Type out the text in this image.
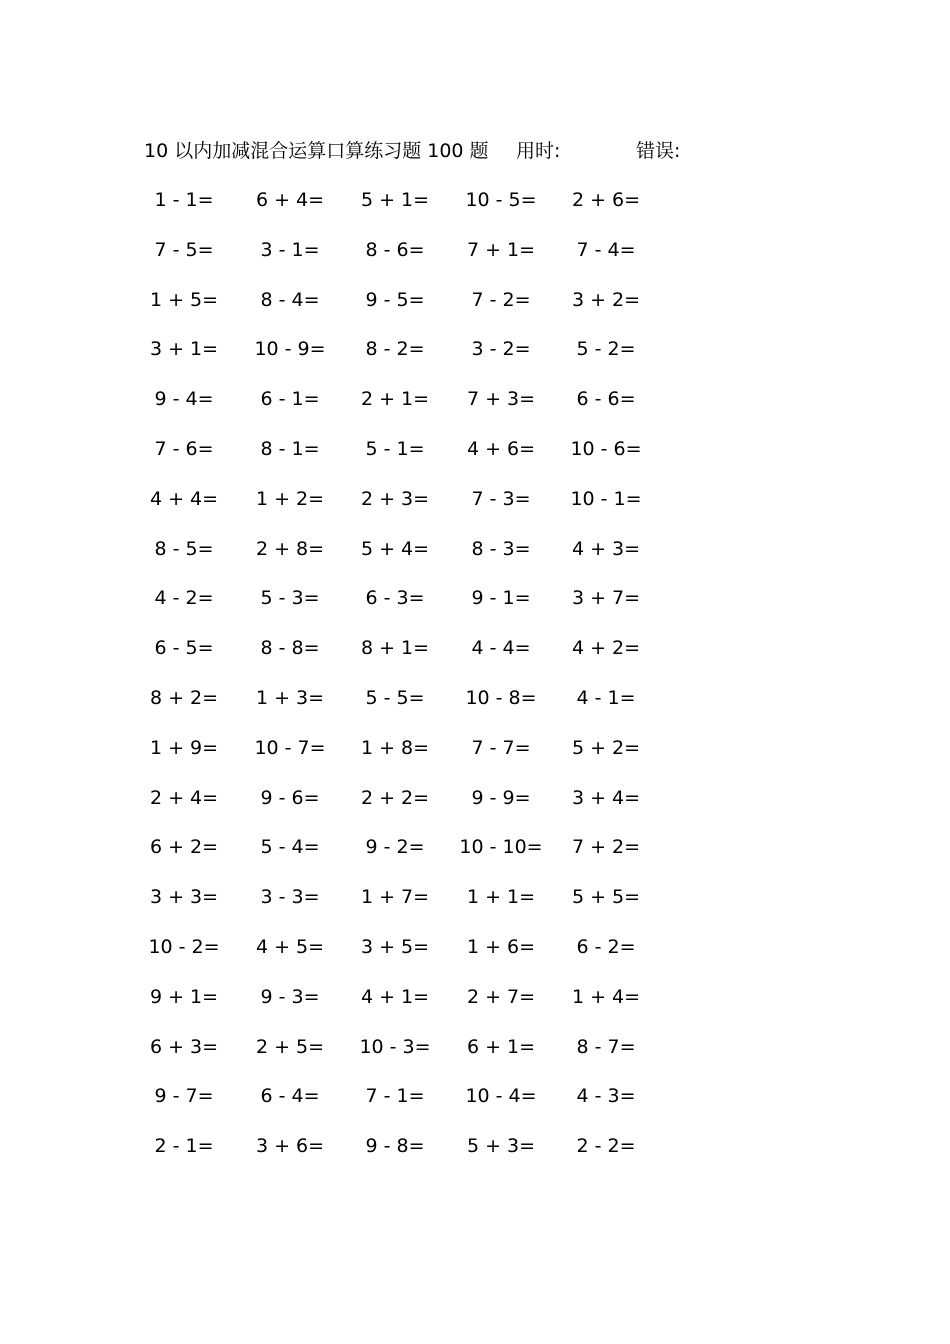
10 以内加减混合运算口算练习题 100 题 用时:	错误:
1 - 1=	6 + 4=	5 + 1=	10 - 5=	2 + 6=
7 - 5=	3 - 1=	8 - 6=	7 + 1=	7 - 4=
1 + 5=	8 - 4=	9 - 5=	7 - 2=	3 + 2=
3 + 1=	10 - 9=	8 - 2=	3 - 2=	5 - 2=
9 - 4=	6 - 1=	2 + 1=	7 + 3=	6 - 6=
7 - 6=	8 - 1=	5 - 1=	4 + 6=	10 - 6=
4 + 4=	1 + 2=	2 + 3=	7 - 3=	10 - 1=
8 - 5=	2 + 8=	5 + 4=	8 - 3=	4 + 3=
4 - 2=	5 - 3=	6 - 3=	9 - 1=	3 + 7=
6 - 5=	8 - 8=	8 + 1=	4 - 4=	4 + 2=
8 + 2=	1 + 3=	5 - 5=	10 - 8=	4 - 1=
1 + 9=	10 - 7=	1 + 8=	7 - 7=	5 + 2=
2 + 4=	9 - 6=	2 + 2=	9 - 9=	3 + 4=
6 + 2=	5 - 4=	9 - 2=	10 - 10=	7 + 2=
3 + 3=	3 - 3=	1 + 7=	1 + 1=	5 + 5=
10 - 2=	4 + 5=	3 + 5=	1 + 6=	6 - 2=
9 + 1=	9 - 3=	4 + 1=	2 + 7=	1 + 4=
6 + 3=	2 + 5=	10 - 3=	6 + 1=	8 - 7=
9 - 7=	6 - 4=	7 - 1=	10 - 4=	4 - 3=
2 - 1=	3 + 6=	9 - 8=	5 + 3=	2 - 2=
